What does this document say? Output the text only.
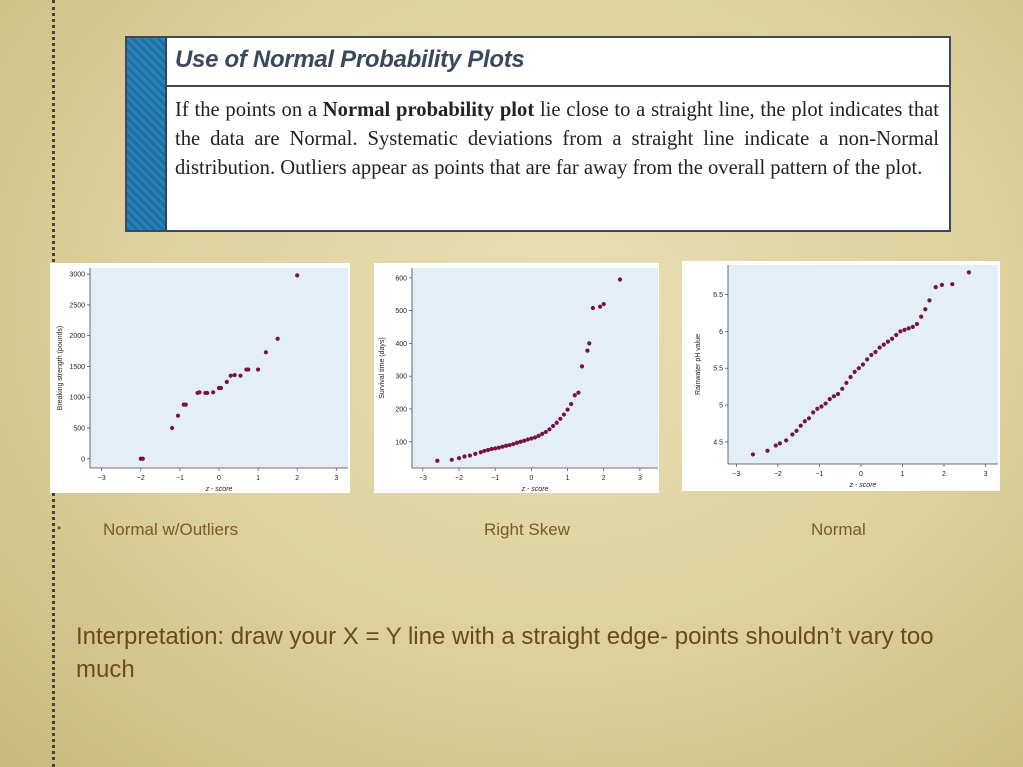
Use of Normal Probability Plots
If the points on a Normal probability plot lie close to a straight line, the plot indicates that the data are Normal. Systematic deviations from a straight line indicate a non-Normal distribution. Outliers appear as points that are far away from the overall pattern of the plot.
−3	−2	−1	0	1	2	3
0
500
1000
1500
2000
2500
3000
z - score
Breaking strength (pounds)
−3	−2	−1	0	1	2	3
100
200
300
400
500
600
z - score
Survival time (days)
−3	−2	−1	0	1	2	3
4.5
5
5.5
6
6.5
z - score
Rainwater pH value
• Normal w/Outliers	Right Skew	Normal
Interpretation: draw your X = Y line with a straight edge- points shouldn’t vary too much
